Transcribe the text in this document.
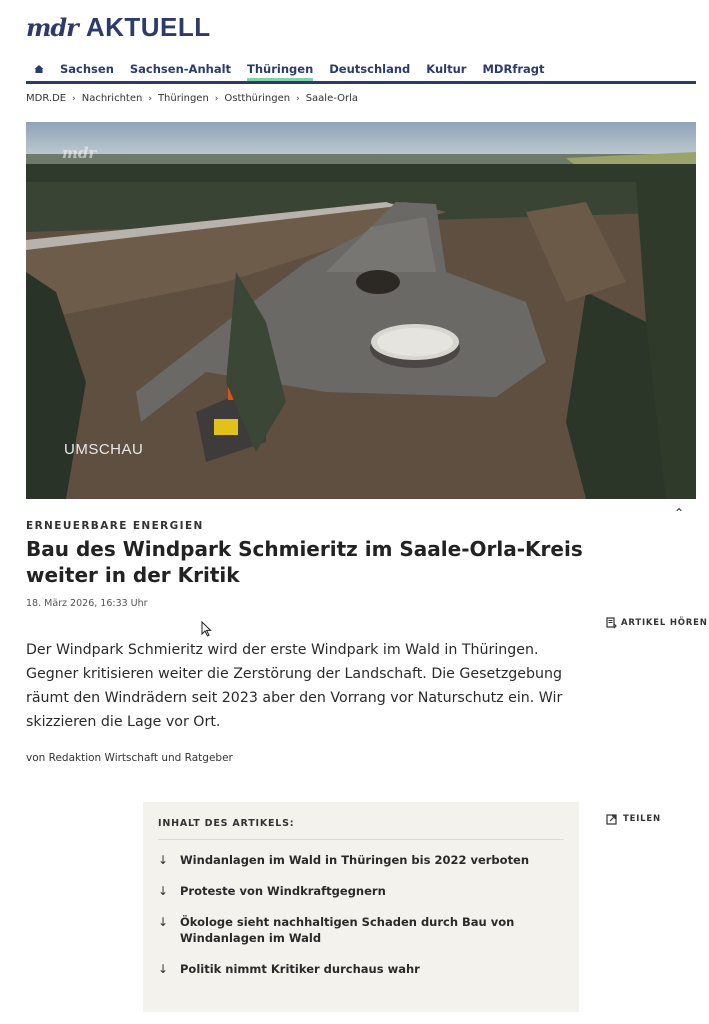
mdr AKTUELL
Sachsen	Sachsen-Anhalt	Thüringen	Deutschland	Kultur	MDRfragt
MDR.DE › Nachrichten › Thüringen › Ostthüringen › Saale-Orla
mdr
UMSCHAU
⌃
ERNEUERBARE ENERGIEN
Bau des Windpark Schmieritz im Saale-Orla-Kreis weiter in der Kritik
18. März 2026, 16:33 Uhr
ARTIKEL HÖREN

Der Windpark Schmieritz wird der erste Windpark im Wald in Thüringen. Gegner kritisieren weiter die Zerstörung der Landschaft. Die Gesetzgebung räumt den Windrädern seit 2023 aber den Vorrang vor Naturschutz ein. Wir skizzieren die Lage vor Ort.

von Redaktion Wirtschaft und Ratgeber
INHALT DES ARTIKELS:
↓	Windanlagen im Wald in Thüringen bis 2022 verboten
↓	Proteste von Windkraftgegnern
↓	Ökologe sieht nachhaltigen Schaden durch Bau von Windanlagen im Wald
↓	Politik nimmt Kritiker durchaus wahr
TEILEN
